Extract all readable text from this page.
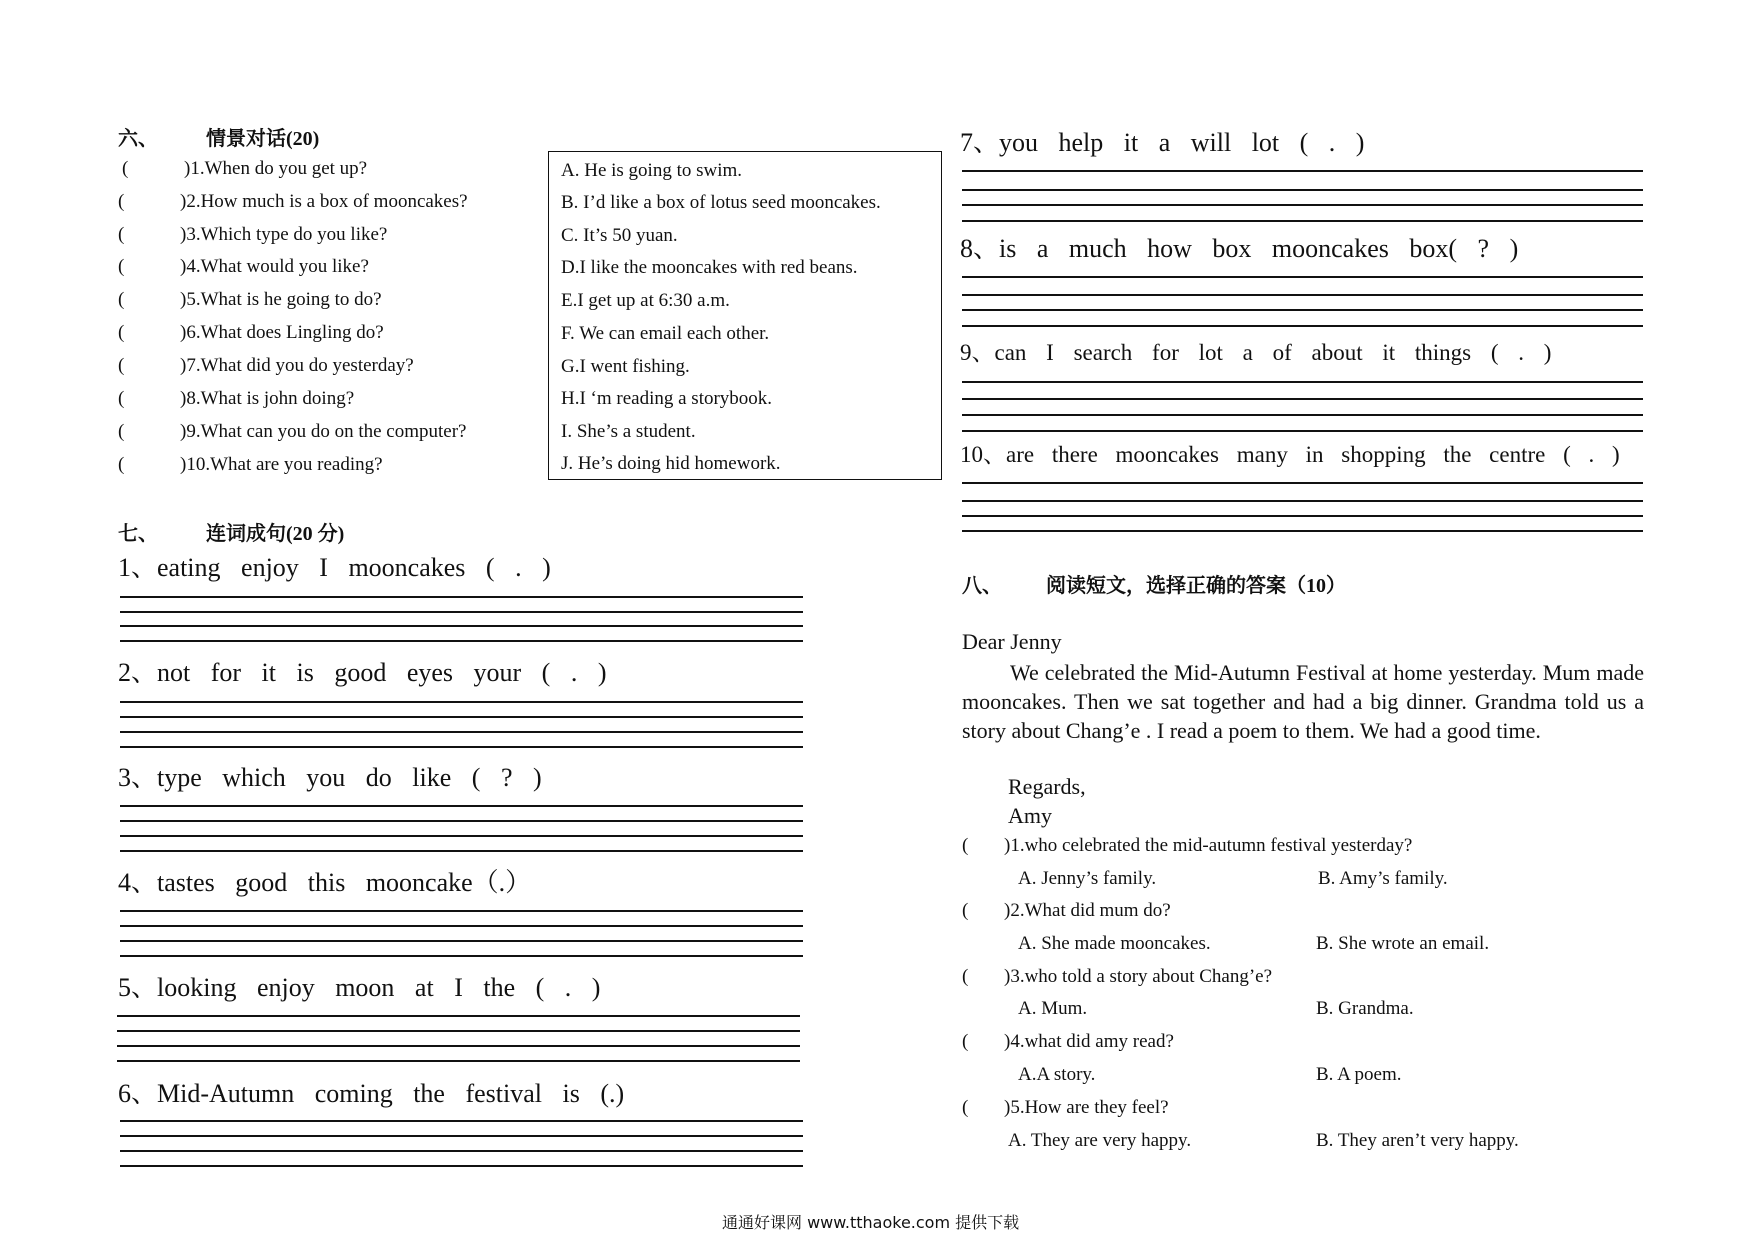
六、 情景对话(20)
(	)1.When do you get up?
(	)2.How much is a box of mooncakes?
(	)3.Which type do you like?
(	)4.What would you like?
(	)5.What is he going to do?
(	)6.What does Lingling do?
(	)7.What did you do yesterday?
(	)8.What is john doing?
(	)9.What can you do on the computer?
(	)10.What are you reading?
A. He is going to swim.
B. I’d like a box of lotus seed mooncakes.
C. It’s 50 yuan.
D.I like the mooncakes with red beans.
E.I get up at 6:30 a.m.
F. We can email each other.
G.I went fishing.
H.I ‘m reading a storybook.
I. She’s a student.
J. He’s doing hid homework.
七、 连词成句(20 分)
1、eating enjoy I mooncakes ( . )
2、not for it is good eyes your ( . )
3、type which you do like ( ? )
4、tastes good this mooncake（.）
5、looking enjoy moon at I the ( . )
6、Mid-Autumn coming the festival is (.)
7、you help it a will lot ( . )
8、is a much how box mooncakes box( ? )
9、can I search for lot a of about it things ( . )
10、are there mooncakes many in shopping the centre ( . )
八、 阅读短文，选择正确的答案（10）
Dear Jenny
We celebrated the Mid-Autumn Festival at home yesterday. Mum made mooncakes. Then we sat together and had a big dinner. Grandma told us a story about Chang’e . I read a poem to them. We had a good time.
Regards,
Amy
( )1.who celebrated the mid-autumn festival yesterday?
A. Jenny’s family.	B. Amy’s family.
( )2.What did mum do?
A. She made mooncakes.	B. She wrote an email.
( )3.who told a story about Chang’e?
A. Mum.	B. Grandma.
( )4.what did amy read?
A.A story.	B. A poem.
( )5.How are they feel?
A. They are very happy.	B. They aren’t very happy.
通通好课网 www.tthaoke.com 提供下载
